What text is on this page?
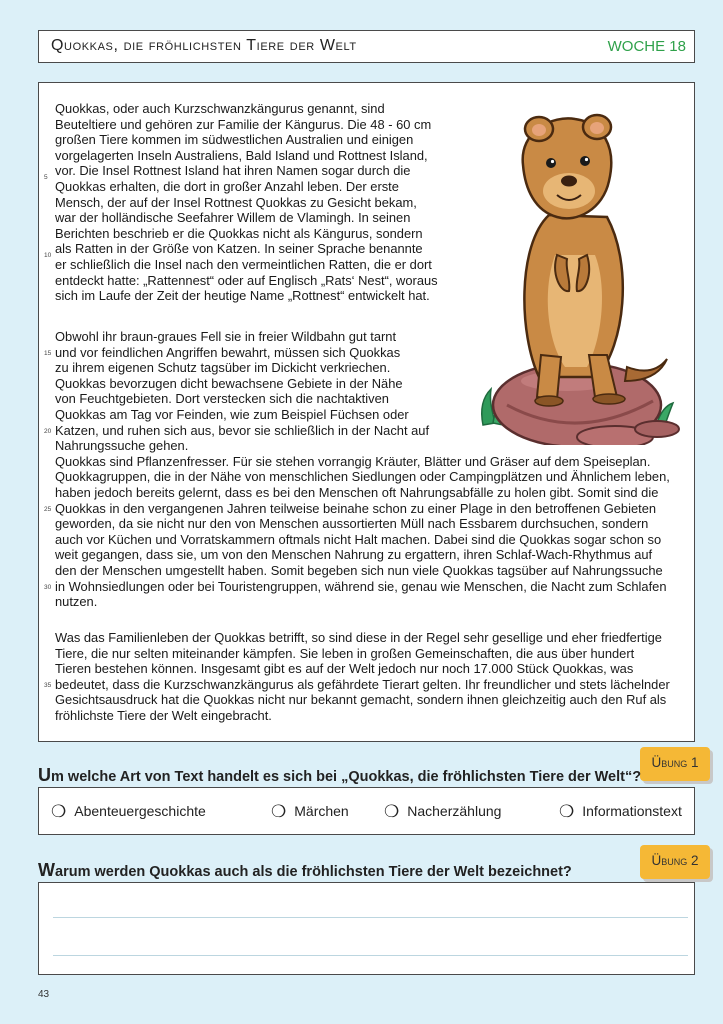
Quokkas, die fröhlichsten Tiere der Welt	WOCHE 18

Quokkas, oder auch Kurzschwanzkängurus genannt, sind
Beuteltiere und gehören zur Familie der Kängurus. Die 48 - 60 cm
großen Tiere kommen im südwestlichen Australien und einigen
vorgelagerten Inseln Australiens, Bald Island und Rottnest Island,
vor. Die Insel Rottnest Island hat ihren Namen sogar durch die
Quokkas erhalten, die dort in großer Anzahl leben. Der erste
Mensch, der auf der Insel Rottnest Quokkas zu Gesicht bekam,
war der holländische Seefahrer Willem de Vlamingh. In seinen
Berichten beschrieb er die Quokkas nicht als Kängurus, sondern
als Ratten in der Größe von Katzen. In seiner Sprache benannte
er schließlich die Insel nach den vermeintlichen Ratten, die er dort
entdeckt hatte: „Rattennest“ oder auf Englisch „Rats‘ Nest“, woraus
sich im Laufe der Zeit der heutige Name „Rottnest“ entwickelt hat.

Obwohl ihr braun-graues Fell sie in freier Wildbahn gut tarnt
und vor feindlichen Angriffen bewahrt, müssen sich Quokkas
zu ihrem eigenen Schutz tagsüber im Dickicht verkriechen.
Quokkas bevorzugen dicht bewachsene Gebiete in der Nähe
von Feuchtgebieten. Dort verstecken sich die nachtaktiven
Quokkas am Tag vor Feinden, wie zum Beispiel Füchsen oder
Katzen, und ruhen sich aus, bevor sie schließlich in der Nacht auf
Nahrungssuche gehen.
Quokkas sind Pflanzenfresser. Für sie stehen vorrangig Kräuter, Blätter und Gräser auf dem Speiseplan.
Quokkagruppen, die in der Nähe von menschlichen Siedlungen oder Campingplätzen und Ähnlichem leben,
haben jedoch bereits gelernt, dass es bei den Menschen oft Nahrungsabfälle zu holen gibt. Somit sind die
Quokkas in den vergangenen Jahren teilweise beinahe schon zu einer Plage in den betroffenen Gebieten
geworden, da sie nicht nur den von Menschen aussortierten Müll nach Essbarem durchsuchen, sondern
auch vor Küchen und Vorratskammern oftmals nicht Halt machen. Dabei sind die Quokkas sogar schon so
weit gegangen, dass sie, um von den Menschen Nahrung zu ergattern, ihren Schlaf-Wach-Rhythmus auf
den der Menschen umgestellt haben. Somit begeben sich nun viele Quokkas tagsüber auf Nahrungssuche
in Wohnsiedlungen oder bei Touristengruppen, während sie, genau wie Menschen, die Nacht zum Schlafen
nutzen.

Was das Familienleben der Quokkas betrifft, so sind diese in der Regel sehr gesellige und eher friedfertige
Tiere, die nur selten miteinander kämpfen. Sie leben in großen Gemeinschaften, die aus über hundert
Tieren bestehen können. Insgesamt gibt es auf der Welt jedoch nur noch 17.000 Stück Quokkas, was
bedeutet, dass die Kurzschwanzkängurus als gefährdete Tierart gelten. Ihr freundlicher und stets lächelnder
Gesichtsausdruck hat die Quokkas nicht nur bekannt gemacht, sondern ihnen gleichzeitig auch den Ruf als
fröhlichste Tiere der Welt eingebracht.

5
10
15
20
25
30
35
Übung 1

Um welche Art von Text handelt es sich bei „Quokkas, die fröhlichsten Tiere der Welt“?

❍ Abenteuergeschichte	❍ Märchen ❍ Nacherzählung	❍ Informationstext
Übung 2

Warum werden Quokkas auch als die fröhlichsten Tiere der Welt bezeichnet?

43
